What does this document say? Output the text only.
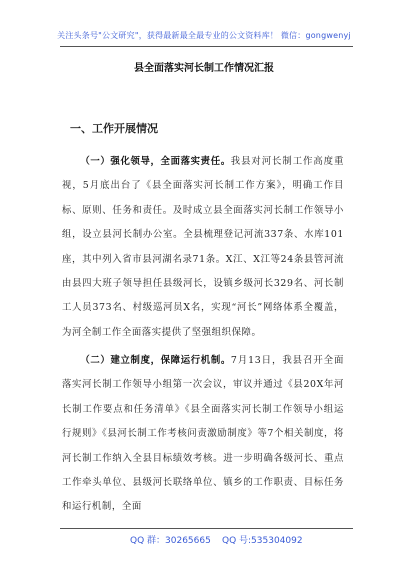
关注头条号"公文研究"，获得最新最全最专业的公文资料库！ 微信：gongwenyj
县全面落实河长制工作情况汇报
一、工作开展情况
（一）强化领导，全面落实责任。我县对河长制工作高度重视，5月底出台了《县全面落实河长制工作方案》，明确工作目标、原则、任务和责任。及时成立县全面落实河长制工作领导小组，设立县河长制办公室。全县梳理登记河流337条、水库101座，其中列入省市县河湖名录71条。X江、X江等24条县管河流由县四大班子领导担任县级河长，设镇乡级河长329名、河长制工人员373名、村级巡河员X名，实现“河长”网络体系全覆盖，为河全制工作全面落实提供了坚强组织保障。
（二）建立制度，保障运行机制。7月13日，我县召开全面落实河长制工作领导小组第一次会议，审议并通过《县20X年河长制工作要点和任务清单》《县全面落实河长制工作领导小组运行规则》《县河长制工作考核问责激励制度》等7个相关制度，将河长制工作纳入全县目标绩效考核。进一步明确各级河长、重点工作牵头单位、县级河长联络单位、镇乡的工作职责、目标任务和运行机制，全面
QQ 群：30265665 QQ 号:535304092
